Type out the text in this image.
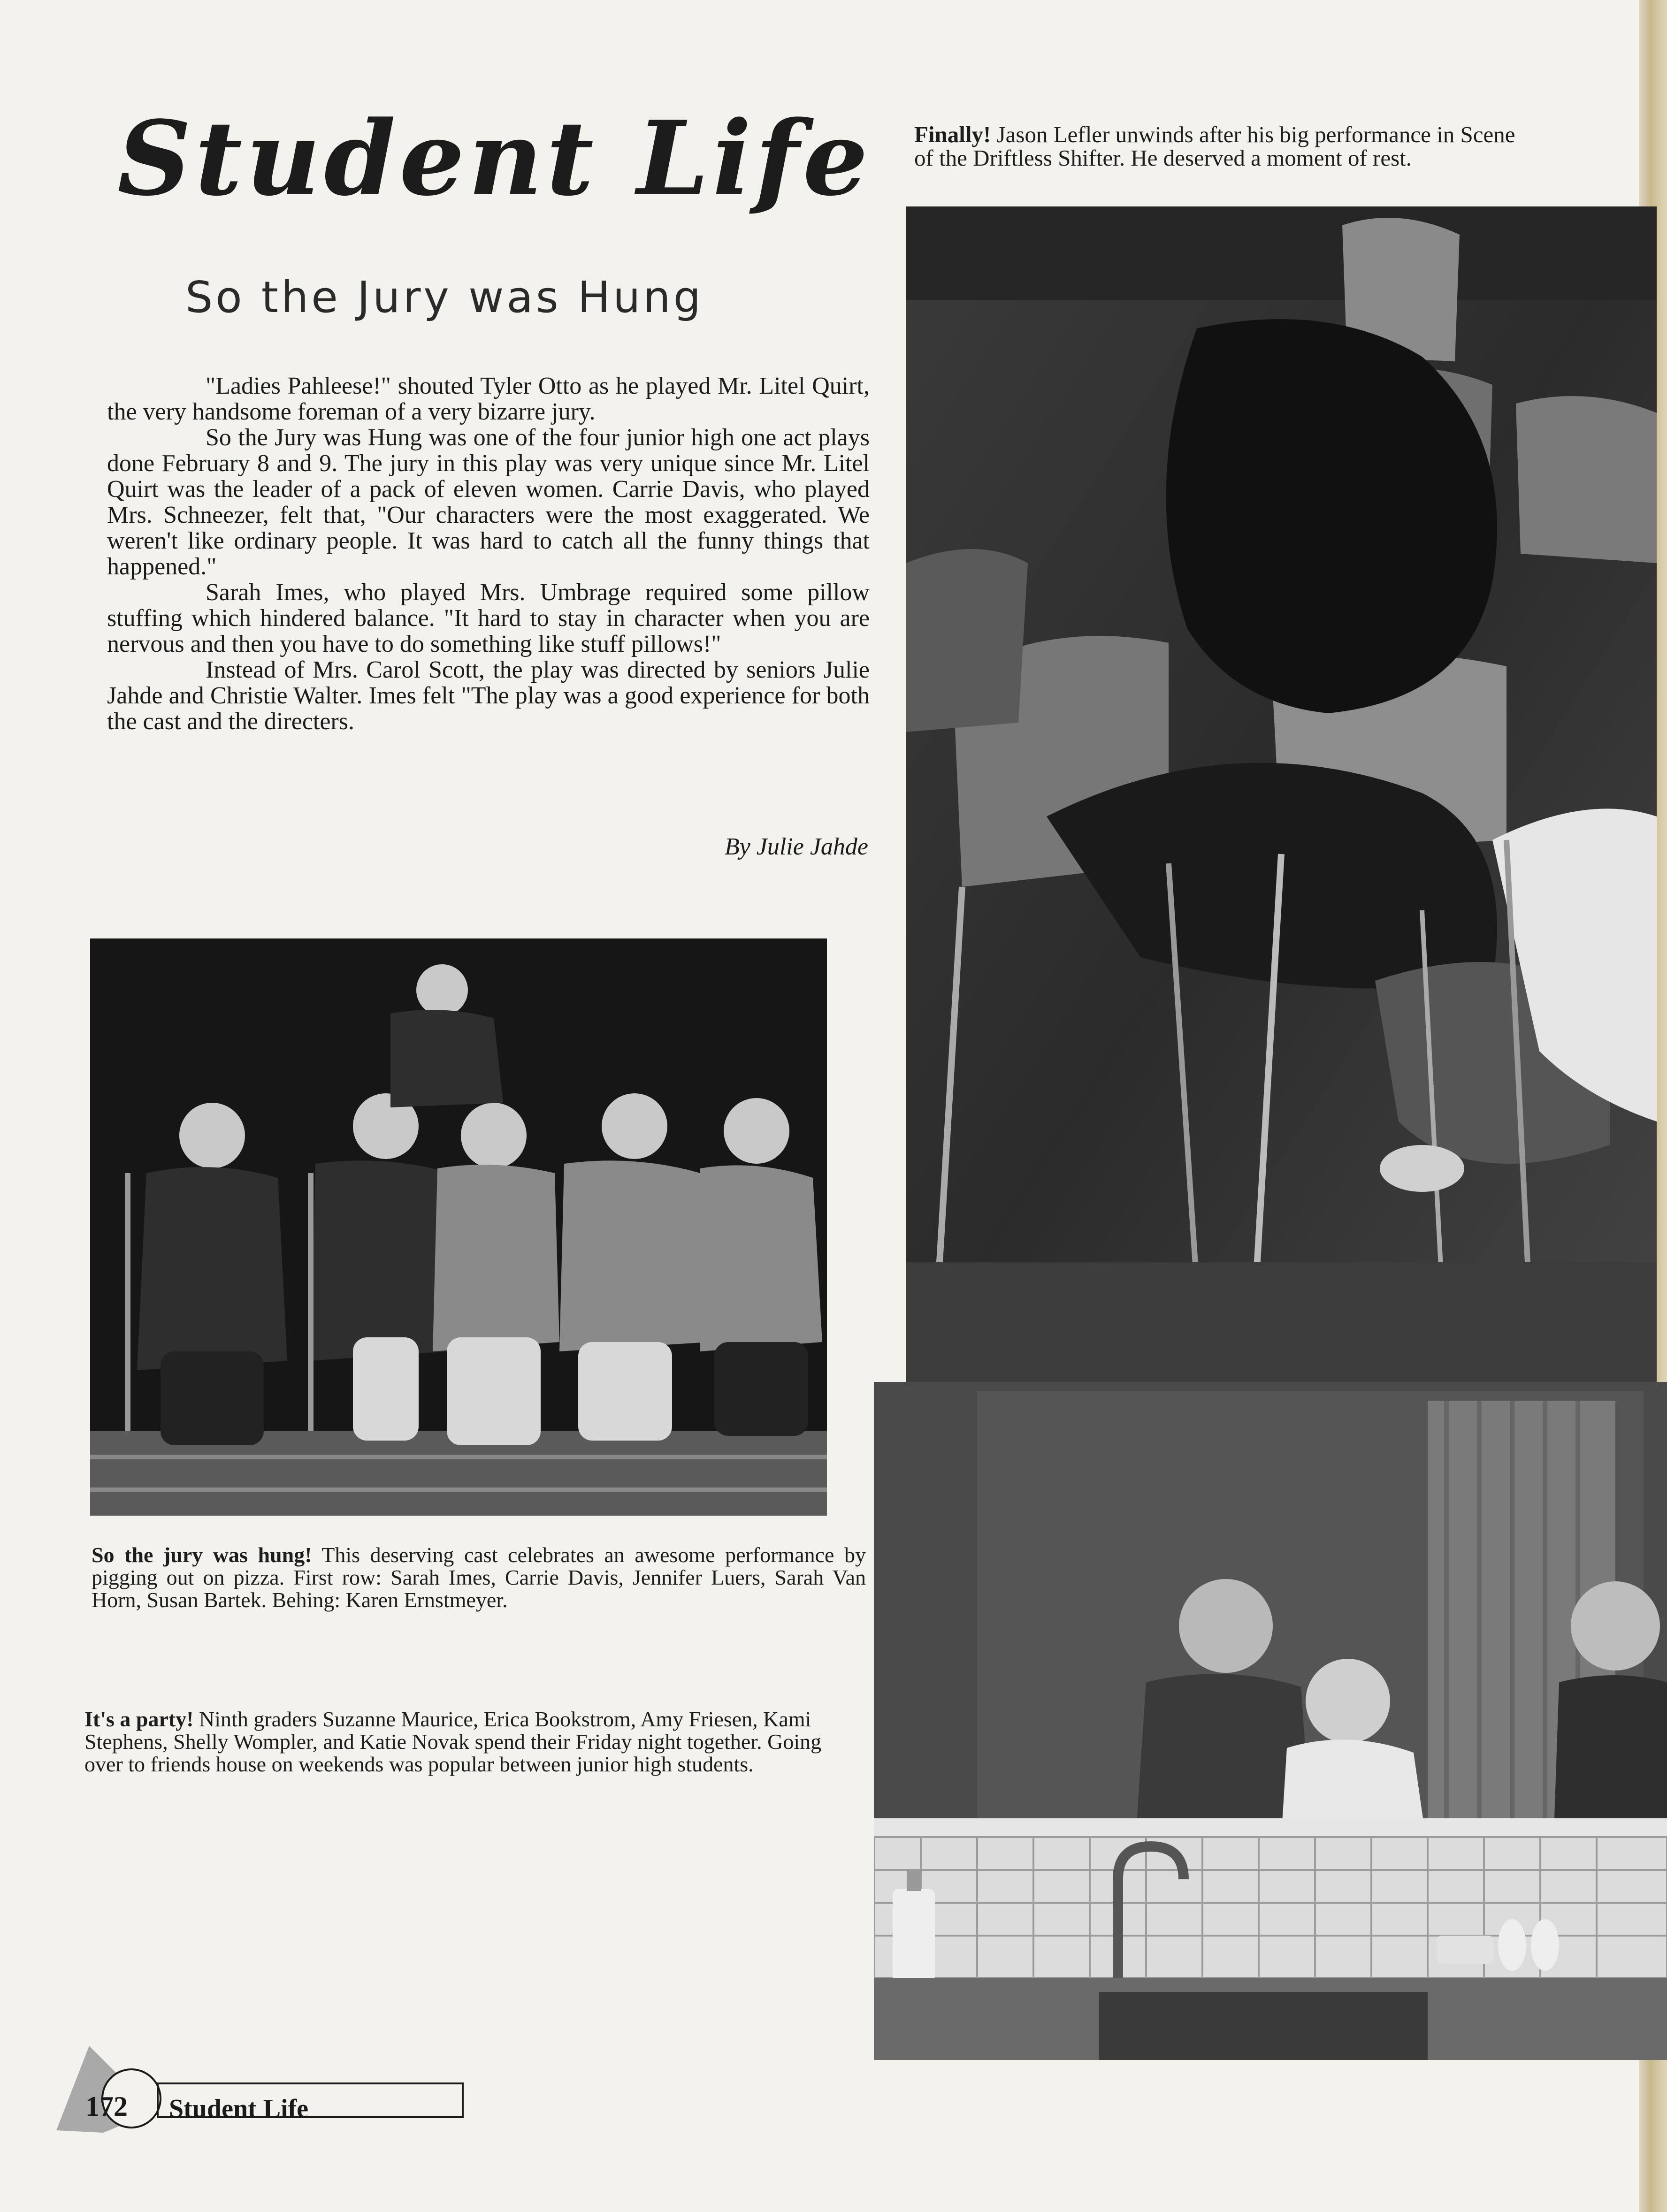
Student Life
So the Jury was Hung

"Ladies Pahleese!" shouted Tyler Otto as he played Mr. Litel Quirt, the very handsome foreman of a very bizarre jury.

So the Jury was Hung was one of the four junior high one act plays done February 8 and 9. The jury in this play was very unique since Mr. Litel Quirt was the leader of a pack of eleven women. Carrie Davis, who played Mrs. Schneezer, felt that, "Our characters were the most exaggerated. We weren't like ordinary people. It was hard to catch all the funny things that happened."

Sarah Imes, who played Mrs. Umbrage required some pillow stuffing which hindered balance. "It hard to stay in character when you are nervous and then you have to do something like stuff pillows!"

Instead of Mrs. Carol Scott, the play was directed by seniors Julie Jahde and Christie Walter. Imes felt "The play was a good experience for both the cast and the directers.

By Julie Jahde
Finally! Jason Lefler unwinds after his big performance in Scene
of the Driftless Shifter. He deserved a moment of rest.
So the jury was hung! This deserving cast celebrates an awesome performance by pigging out on pizza. First row: Sarah Imes, Carrie Davis, Jennifer Luers, Sarah Van Horn, Susan Bartek. Behing: Karen Ernstmeyer.
It's a party! Ninth graders Suzanne Maurice, Erica Bookstrom, Amy Friesen, Kami Stephens, Shelly Wompler, and Katie Novak spend their Friday night together. Going over to friends house on weekends was popular between junior high students.
172 Student Life
